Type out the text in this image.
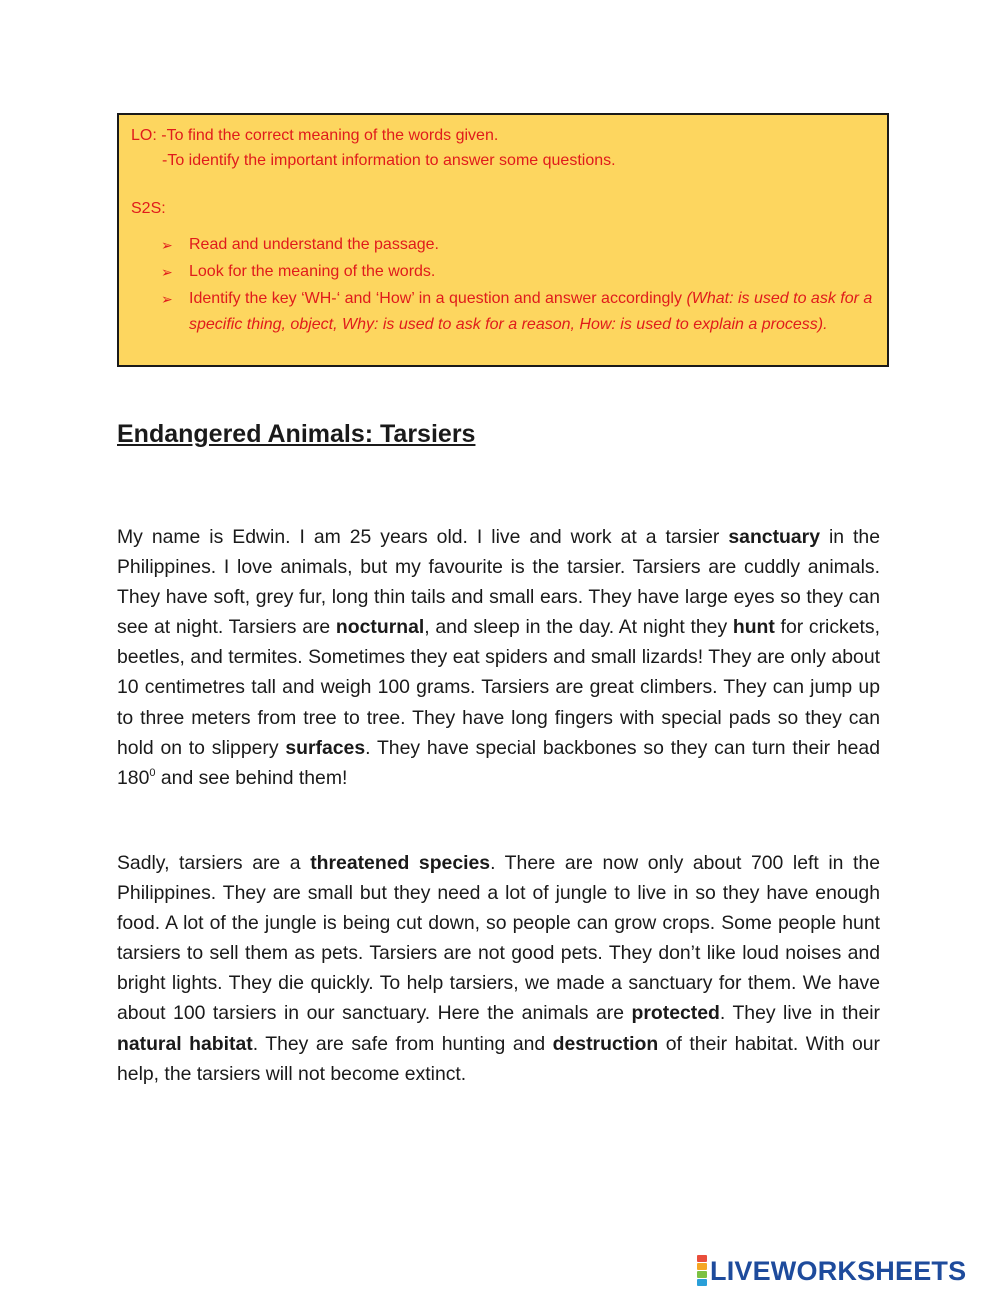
LO: -To find the correct meaning of the words given.
-To identify the important information to answer some questions.
S2S:
➢ Read and understand the passage.
➢ Look for the meaning of the words.
➢ Identify the key ‘WH-‘ and ‘How’ in a question and answer accordingly (What: is used to ask for a specific thing, object, Why: is used to ask for a reason, How: is used to explain a process).
Endangered Animals: Tarsiers

My name is Edwin. I am 25 years old. I live and work at a tarsier sanctuary in the Philippines. I love animals, but my favourite is the tarsier. Tarsiers are cuddly animals. They have soft, grey fur, long thin tails and small ears. They have large eyes so they can see at night. Tarsiers are nocturnal, and sleep in the day. At night they hunt for crickets, beetles, and termites. Sometimes they eat spiders and small lizards! They are only about 10 centimetres tall and weigh 100 grams. Tarsiers are great climbers. They can jump up to three meters from tree to tree. They have long fingers with special pads so they can hold on to slippery surfaces. They have special backbones so they can turn their head $180^0$ and see behind them!

Sadly, tarsiers are a threatened species. There are now only about 700 left in the Philippines. They are small but they need a lot of jungle to live in so they have enough food. A lot of the jungle is being cut down, so people can grow crops. Some people hunt tarsiers to sell them as pets. Tarsiers are not good pets. They don’t like loud noises and bright lights. They die quickly. To help tarsiers, we made a sanctuary for them. We have about 100 tarsiers in our sanctuary. Here the animals are protected. They live in their natural habitat. They are safe from hunting and destruction of their habitat. With our help, the tarsiers will not become extinct.

LIVEWORKSHEETS
